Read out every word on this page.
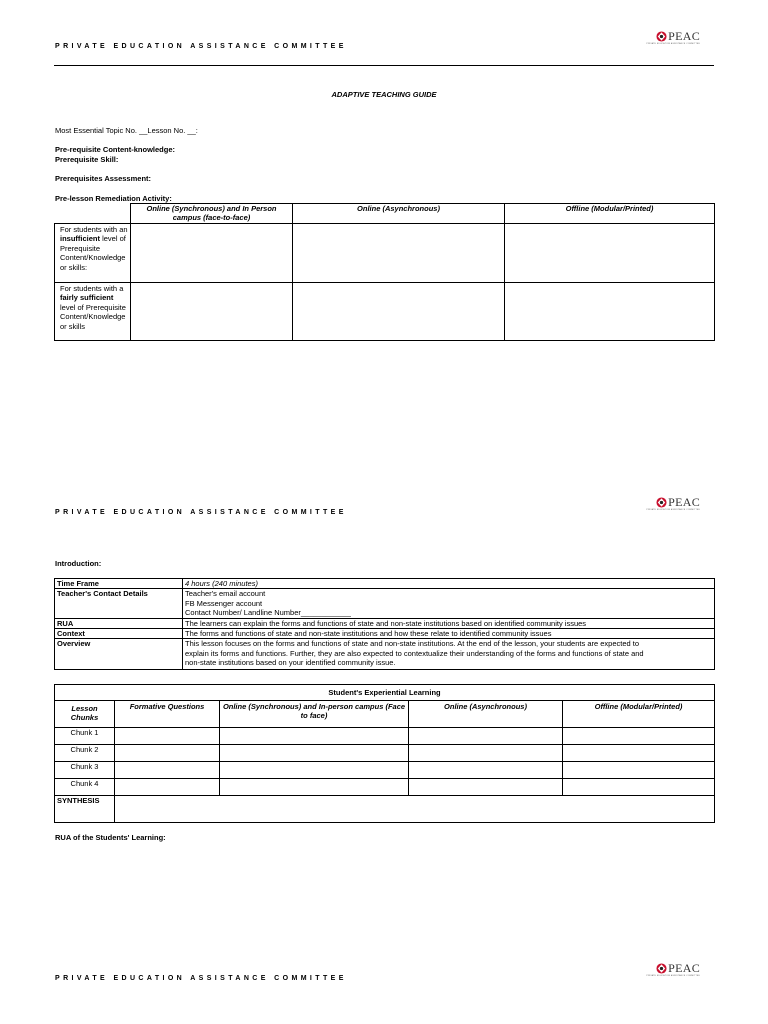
PRIVATE EDUCATION ASSISTANCE COMMITTEE
PEAC
PRIVATE EDUCATION ASSISTANCE COMMITTEE
ADAPTIVE TEACHING GUIDE
Most Essential Topic No. __Lesson No. __:
Pre-requisite Content-knowledge:
Prerequisite Skill:
Prerequisites Assessment:
Pre-lesson Remediation Activity:
	Online (Synchronous) and In Person campus (face-to-face)	Online (Asynchronous)	Offline (Modular/Printed)
For students with an insufficient level of Prerequisite Content/Knowledge or skills:			
For students with a fairly sufficient level of Prerequisite Content/Knowledge or skills			
PEAC
PRIVATE EDUCATION ASSISTANCE COMMITTEE
PRIVATE EDUCATION ASSISTANCE COMMITTEE
Introduction:
Time Frame	4 hours (240 minutes)
Teacher's Contact Details	Teacher's email account
FB Messenger account
Contact Number/ Landline Number____________

RUA	The learners can explain the forms and functions of state and non-state institutions based on identified community issues
Context	The forms and functions of state and non-state institutions and how these relate to identified community issues
Overview	This lesson focuses on the forms and functions of state and non-state institutions. At the end of the lesson, your students are expected to
explain its forms and functions. Further, they are also expected to contextualize their understanding of the forms and functions of state and
non-state institutions based on your identified community issue.
Student's Experiential Learning				
Lesson Chunks	Formative Questions	Online (Synchronous) and In-person campus (Face to face)	Online (Asynchronous)	Offline (Modular/Printed)
Chunk 1				
Chunk 2				
Chunk 3				
Chunk 4				
SYNTHESIS				
RUA of the Students' Learning:
PRIVATE EDUCATION ASSISTANCE COMMITTEE
PEAC
PRIVATE EDUCATION ASSISTANCE COMMITTEE
